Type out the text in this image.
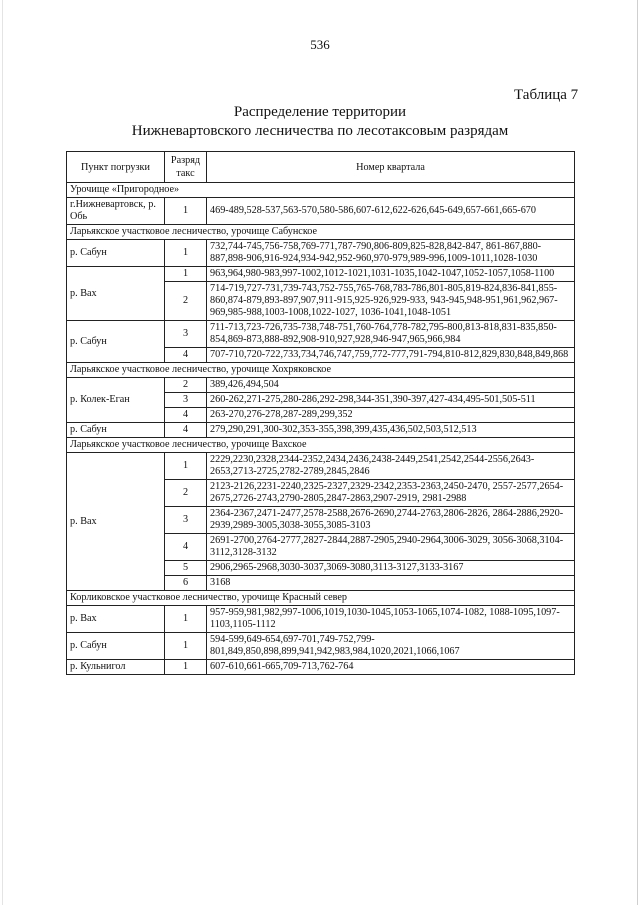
536
Таблица 7
Распределение территории
Нижневартовского лесничества по лесотаксовым разрядам
Пункт погрузки	Разряд такс	Номер квартала
Урочище «Пригородное»		
г.Нижневартовск, р. Обь	1	469-489,528-537,563-570,580-586,607-612,622-626,645-649,657-661,665-670
Ларьякское участковое лесничество, урочище Сабунское		
р. Сабун	1	732,744-745,756-758,769-771,787-790,806-809,825-828,842-847, 861-867,880-887,898-906,916-924,934-942,952-960,970-979,989-996,1009-1011,1028-1030
р. Вах	1	963,964,980-983,997-1002,1012-1021,1031-1035,1042-1047,1052-1057,1058-1100
	2	714-719,727-731,739-743,752-755,765-768,783-786,801-805,819-824,836-841,855-860,874-879,893-897,907,911-915,925-926,929-933, 943-945,948-951,961,962,967-969,985-988,1003-1008,1022-1027, 1036-1041,1048-1051
р. Сабун	3	711-713,723-726,735-738,748-751,760-764,778-782,795-800,813-818,831-835,850-854,869-873,888-892,908-910,927,928,946-947,965,966,984
	4	707-710,720-722,733,734,746,747,759,772-777,791-794,810-812,829,830,848,849,868
Ларьякское участковое лесничество, урочище Хохряковское		
р. Колек-Еган	2	389,426,494,504
	3	260-262,271-275,280-286,292-298,344-351,390-397,427-434,495-501,505-511
	4	263-270,276-278,287-289,299,352
р. Сабун	4	279,290,291,300-302,353-355,398,399,435,436,502,503,512,513
Ларьякское участковое лесничество, урочище Вахское		
р. Вах	1	2229,2230,2328,2344-2352,2434,2436,2438-2449,2541,2542,2544-2556,2643-2653,2713-2725,2782-2789,2845,2846
	2	2123-2126,2231-2240,2325-2327,2329-2342,2353-2363,2450-2470, 2557-2577,2654-2675,2726-2743,2790-2805,2847-2863,2907-2919, 2981-2988
	3	2364-2367,2471-2477,2578-2588,2676-2690,2744-2763,2806-2826, 2864-2886,2920-2939,2989-3005,3038-3055,3085-3103
	4	2691-2700,2764-2777,2827-2844,2887-2905,2940-2964,3006-3029, 3056-3068,3104-3112,3128-3132
	5	2906,2965-2968,3030-3037,3069-3080,3113-3127,3133-3167
	6	3168
Корликовское участковое лесничество, урочище Красный север		
р. Вах	1	957-959,981,982,997-1006,1019,1030-1045,1053-1065,1074-1082, 1088-1095,1097-1103,1105-1112
р. Сабун	1	594-599,649-654,697-701,749-752,799-801,849,850,898,899,941,942,983,984,1020,2021,1066,1067
р. Кульнигол	1	607-610,661-665,709-713,762-764
